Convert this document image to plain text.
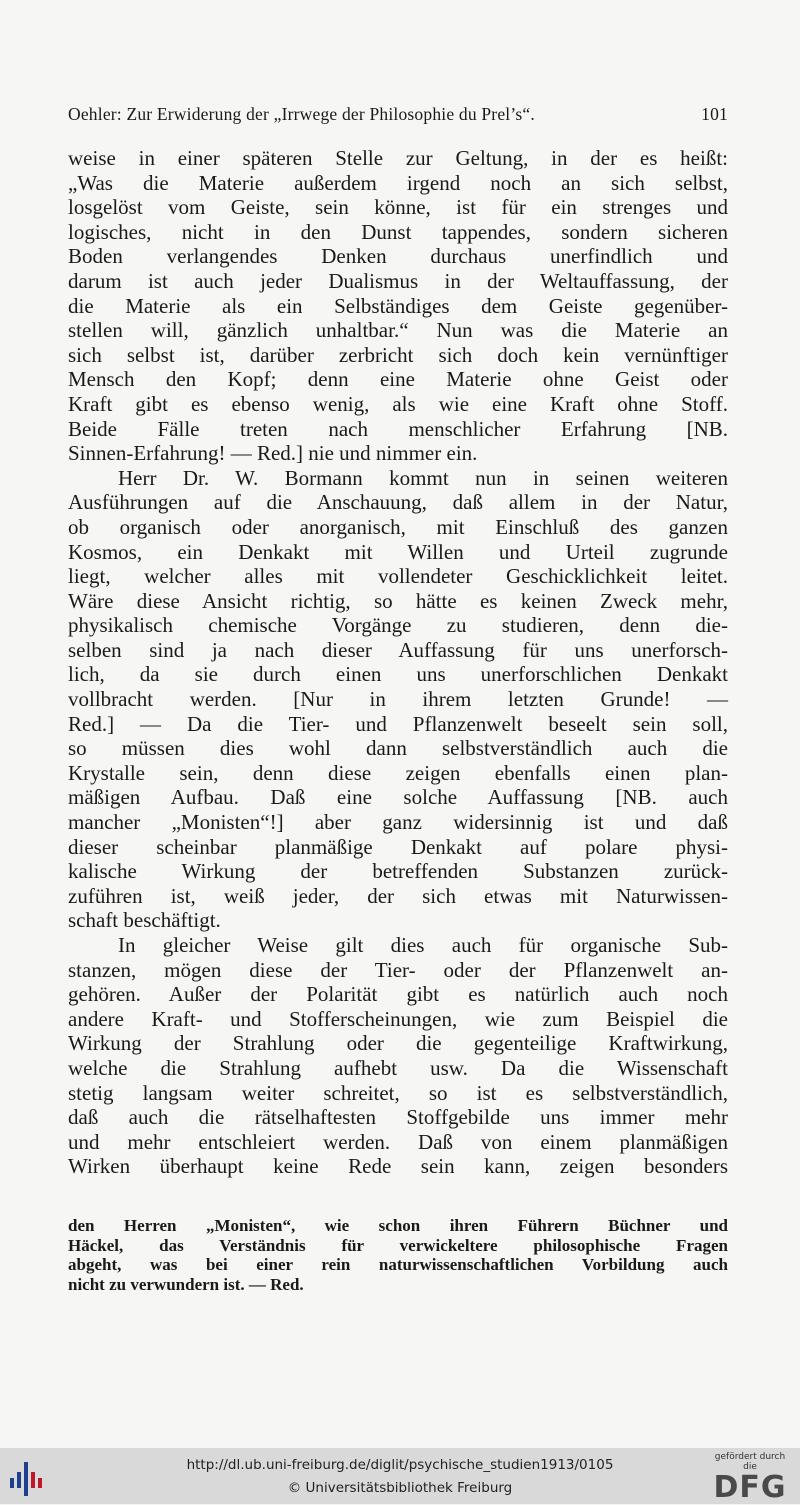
Oehler: Zur Erwiderung der „Irrwege der Philosophie du Prel’s“.	101
weise in einer späteren Stelle zur Geltung, in der es heißt:
„Was die Materie außerdem irgend noch an sich selbst,
losgelöst vom Geiste, sein könne, ist für ein strenges und
logisches, nicht in den Dunst tappendes, sondern sicheren
Boden verlangendes Denken durchaus unerfindlich und
darum ist auch jeder Dualismus in der Weltauffassung, der
die Materie als ein Selbständiges dem Geiste gegenüber-
stellen will, gänzlich unhaltbar.“ Nun was die Materie an
sich selbst ist, darüber zerbricht sich doch kein vernünftiger
Mensch den Kopf; denn eine Materie ohne Geist oder
Kraft gibt es ebenso wenig, als wie eine Kraft ohne Stoff.
Beide Fälle treten nach menschlicher Erfahrung [NB.
Sinnen-Erfahrung! — Red.] nie und nimmer ein.
Herr Dr. W. Bormann kommt nun in seinen weiteren
Ausführungen auf die Anschauung, daß allem in der Natur,
ob organisch oder anorganisch, mit Einschluß des ganzen
Kosmos, ein Denkakt mit Willen und Urteil zugrunde
liegt, welcher alles mit vollendeter Geschicklichkeit leitet.
Wäre diese Ansicht richtig, so hätte es keinen Zweck mehr,
physikalisch chemische Vorgänge zu studieren, denn die-
selben sind ja nach dieser Auffassung für uns unerforsch-
lich, da sie durch einen uns unerforschlichen Denkakt
vollbracht werden. [Nur in ihrem letzten Grunde! —
Red.] — Da die Tier- und Pflanzenwelt beseelt sein soll,
so müssen dies wohl dann selbstverständlich auch die
Krystalle sein, denn diese zeigen ebenfalls einen plan-
mäßigen Aufbau. Daß eine solche Auffassung [NB. auch
mancher „Monisten“!] aber ganz widersinnig ist und daß
dieser scheinbar planmäßige Denkakt auf polare physi-
kalische Wirkung der betreffenden Substanzen zurück-
zuführen ist, weiß jeder, der sich etwas mit Naturwissen-
schaft beschäftigt.
In gleicher Weise gilt dies auch für organische Sub-
stanzen, mögen diese der Tier- oder der Pflanzenwelt an-
gehören. Außer der Polarität gibt es natürlich auch noch
andere Kraft- und Stofferscheinungen, wie zum Beispiel die
Wirkung der Strahlung oder die gegenteilige Kraftwirkung,
welche die Strahlung aufhebt usw. Da die Wissenschaft
stetig langsam weiter schreitet, so ist es selbstverständlich,
daß auch die rätselhaftesten Stoffgebilde uns immer mehr
und mehr entschleiert werden. Daß von einem planmäßigen
Wirken überhaupt keine Rede sein kann, zeigen besonders
den Herren „Monisten“, wie schon ihren Führern Büchner und
Häckel, das Verständnis für verwickeltere philosophische Fragen
abgeht, was bei einer rein naturwissenschaftlichen Vorbildung auch
nicht zu verwundern ist. — Red.
http://dl.ub.uni-freiburg.de/diglit/psychische_studien1913/0105
© Universitätsbibliothek Freiburg
gefördert durch die
DFG
